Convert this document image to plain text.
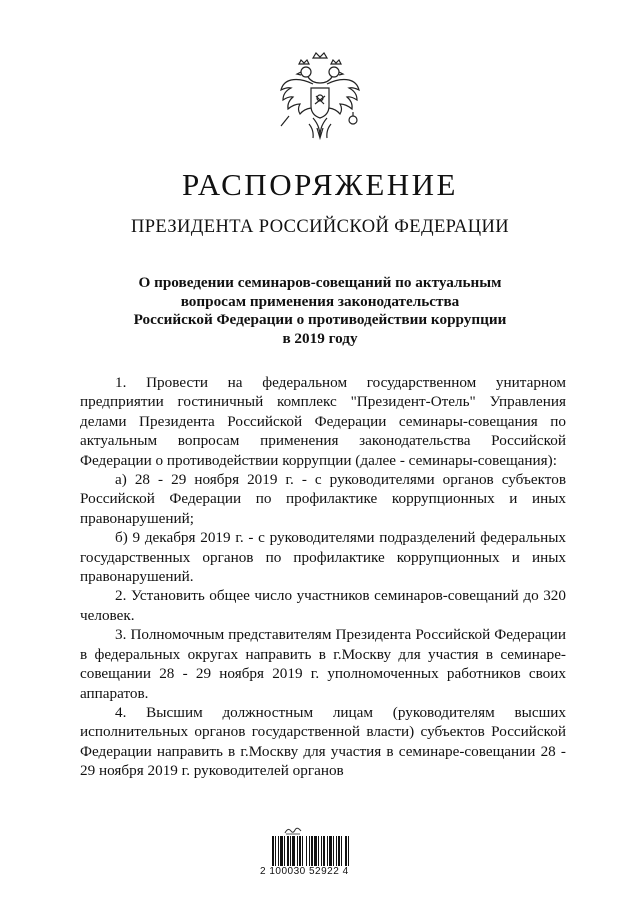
РАСПОРЯЖЕНИЕ
ПРЕЗИДЕНТА РОССИЙСКОЙ ФЕДЕРАЦИИ
О проведении семинаров-совещаний по актуальным
вопросам применения законодательства
Российской Федерации о противодействии коррупции
в 2019 году

1. Провести на федеральном государственном унитарном предприятии гостиничный комплекс "Президент-Отель" Управления делами Президента Российской Федерации семинары-совещания по актуальным вопросам применения законодательства Российской Федерации о противодействии коррупции (далее - семинары-совещания):

а) 28 - 29 ноября 2019 г. - с руководителями органов субъектов Российской Федерации по профилактике коррупционных и иных правонарушений;

б) 9 декабря 2019 г. - с руководителями подразделений федеральных государственных органов по профилактике коррупционных и иных правонарушений.

2. Установить общее число участников семинаров-совещаний до 320 человек.

3. Полномочным представителям Президента Российской Федерации в федеральных округах направить в г.Москву для участия в семинаре-совещании 28 - 29 ноября 2019 г. уполномоченных работников своих аппаратов.

4. Высшим должностным лицам (руководителям высших исполнительных органов государственной власти) субъектов Российской Федерации направить в г.Москву для участия в семинаре-совещании 28 - 29 ноября 2019 г. руководителей органов

2 100030 52922 4
